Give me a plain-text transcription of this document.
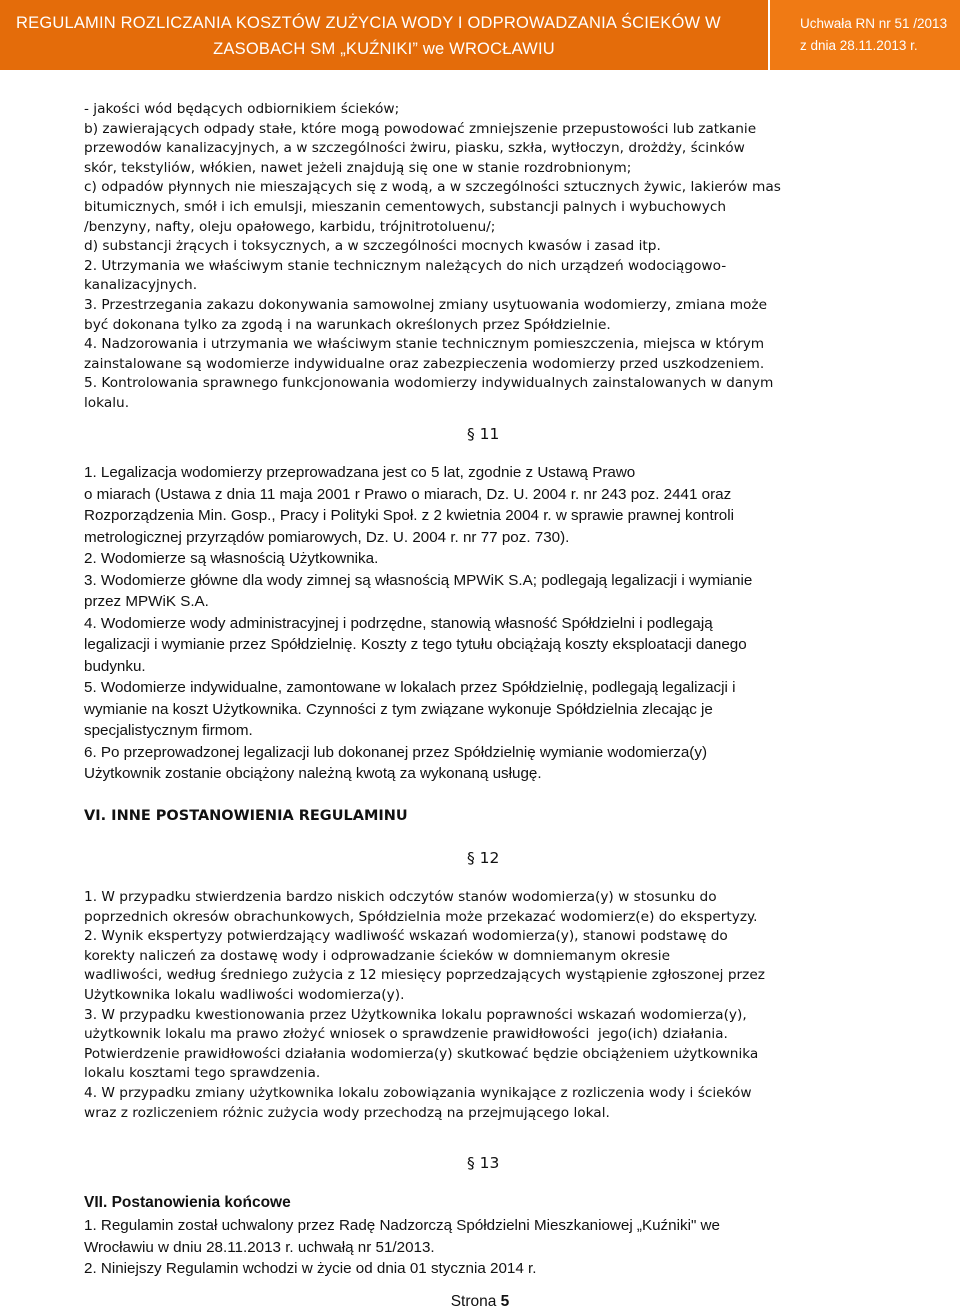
REGULAMIN ROZLICZANIA KOSZTÓW ZUŻYCIA WODY I ODPROWADZANIA ŚCIEKÓW W
ZASOBACH SM „KUŹNIKI” we WROCŁAWIU
Uchwała RN nr 51 /2013
z dnia 28.11.2013 r.

- jakości wód będących odbiornikiem ścieków;

b) zawierających odpady stałe, które mogą powodować zmniejszenie przepustowości lub zatkanie

przewodów kanalizacyjnych, a w szczególności żwiru, piasku, szkła, wytłoczyn, drożdży, ścinków

skór, tekstyliów, włókien, nawet jeżeli znajdują się one w stanie rozdrobnionym;

c) odpadów płynnych nie mieszających się z wodą, a w szczególności sztucznych żywic, lakierów mas

bitumicznych, smół i ich emulsji, mieszanin cementowych, substancji palnych i wybuchowych

/benzyny, nafty, oleju opałowego, karbidu, trójnitrotoluenu/;

d) substancji żrących i toksycznych, a w szczególności mocnych kwasów i zasad itp.

2. Utrzymania we właściwym stanie technicznym należących do nich urządzeń wodociągowo-

kanalizacyjnych.

3. Przestrzegania zakazu dokonywania samowolnej zmiany usytuowania wodomierzy, zmiana może

być dokonana tylko za zgodą i na warunkach określonych przez Spółdzielnie.

4. Nadzorowania i utrzymania we właściwym stanie technicznym pomieszczenia, miejsca w którym

zainstalowane są wodomierze indywidualne oraz zabezpieczenia wodomierzy przed uszkodzeniem.

5. Kontrolowania sprawnego funkcjonowania wodomierzy indywidualnych zainstalowanych w danym

lokalu.

§ 11

1. Legalizacja wodomierzy przeprowadzana jest co 5 lat, zgodnie z Ustawą Prawo

o miarach (Ustawa z dnia 11 maja 2001 r Prawo o miarach, Dz. U. 2004 r. nr 243 poz. 2441 oraz

Rozporządzenia Min. Gosp., Pracy i Polityki Społ. z 2 kwietnia 2004 r. w sprawie prawnej kontroli

metrologicznej przyrządów pomiarowych, Dz. U. 2004 r. nr 77 poz. 730).

2. Wodomierze są własnością Użytkownika.

3. Wodomierze główne dla wody zimnej są własnością MPWiK S.A; podlegają legalizacji i wymianie

przez MPWiK S.A.

4. Wodomierze wody administracyjnej i podrzędne, stanowią własność Spółdzielni i podlegają

legalizacji i wymianie przez Spółdzielnię. Koszty z tego tytułu obciążają koszty eksploatacji danego

budynku.

5. Wodomierze indywidualne, zamontowane w lokalach przez Spółdzielnię, podlegają legalizacji i

wymianie na koszt Użytkownika. Czynności z tym związane wykonuje Spółdzielnia zlecając je

specjalistycznym firmom.

6. Po przeprowadzonej legalizacji lub dokonanej przez Spółdzielnię wymianie wodomierza(y)

Użytkownik zostanie obciążony należną kwotą za wykonaną usługę.

VI. INNE POSTANOWIENIA REGULAMINU
§ 12

1. W przypadku stwierdzenia bardzo niskich odczytów stanów wodomierza(y) w stosunku do

poprzednich okresów obrachunkowych, Spółdzielnia może przekazać wodomierz(e) do ekspertyzy.

2. Wynik ekspertyzy potwierdzający wadliwość wskazań wodomierza(y), stanowi podstawę do

korekty naliczeń za dostawę wody i odprowadzanie ścieków w domniemanym okresie

wadliwości, według średniego zużycia z 12 miesięcy poprzedzających wystąpienie zgłoszonej przez

Użytkownika lokalu wadliwości wodomierza(y).

3. W przypadku kwestionowania przez Użytkownika lokalu poprawności wskazań wodomierza(y),

użytkownik lokalu ma prawo złożyć wniosek o sprawdzenie prawidłowości  jego(ich) działania.

Potwierdzenie prawidłowości działania wodomierza(y) skutkować będzie obciążeniem użytkownika

lokalu kosztami tego sprawdzenia.

4. W przypadku zmiany użytkownika lokalu zobowiązania wynikające z rozliczenia wody i ścieków

wraz z rozliczeniem różnic zużycia wody przechodzą na przejmującego lokal.

§ 13
VII. Postanowienia końcowe

1. Regulamin został uchwalony przez Radę Nadzorczą Spółdzielni Mieszkaniowej „Kuźniki" we

Wrocławiu w dniu 28.11.2013 r. uchwałą nr 51/2013.

2. Niniejszy Regulamin wchodzi w życie od dnia 01 stycznia 2014 r.

Strona 5
